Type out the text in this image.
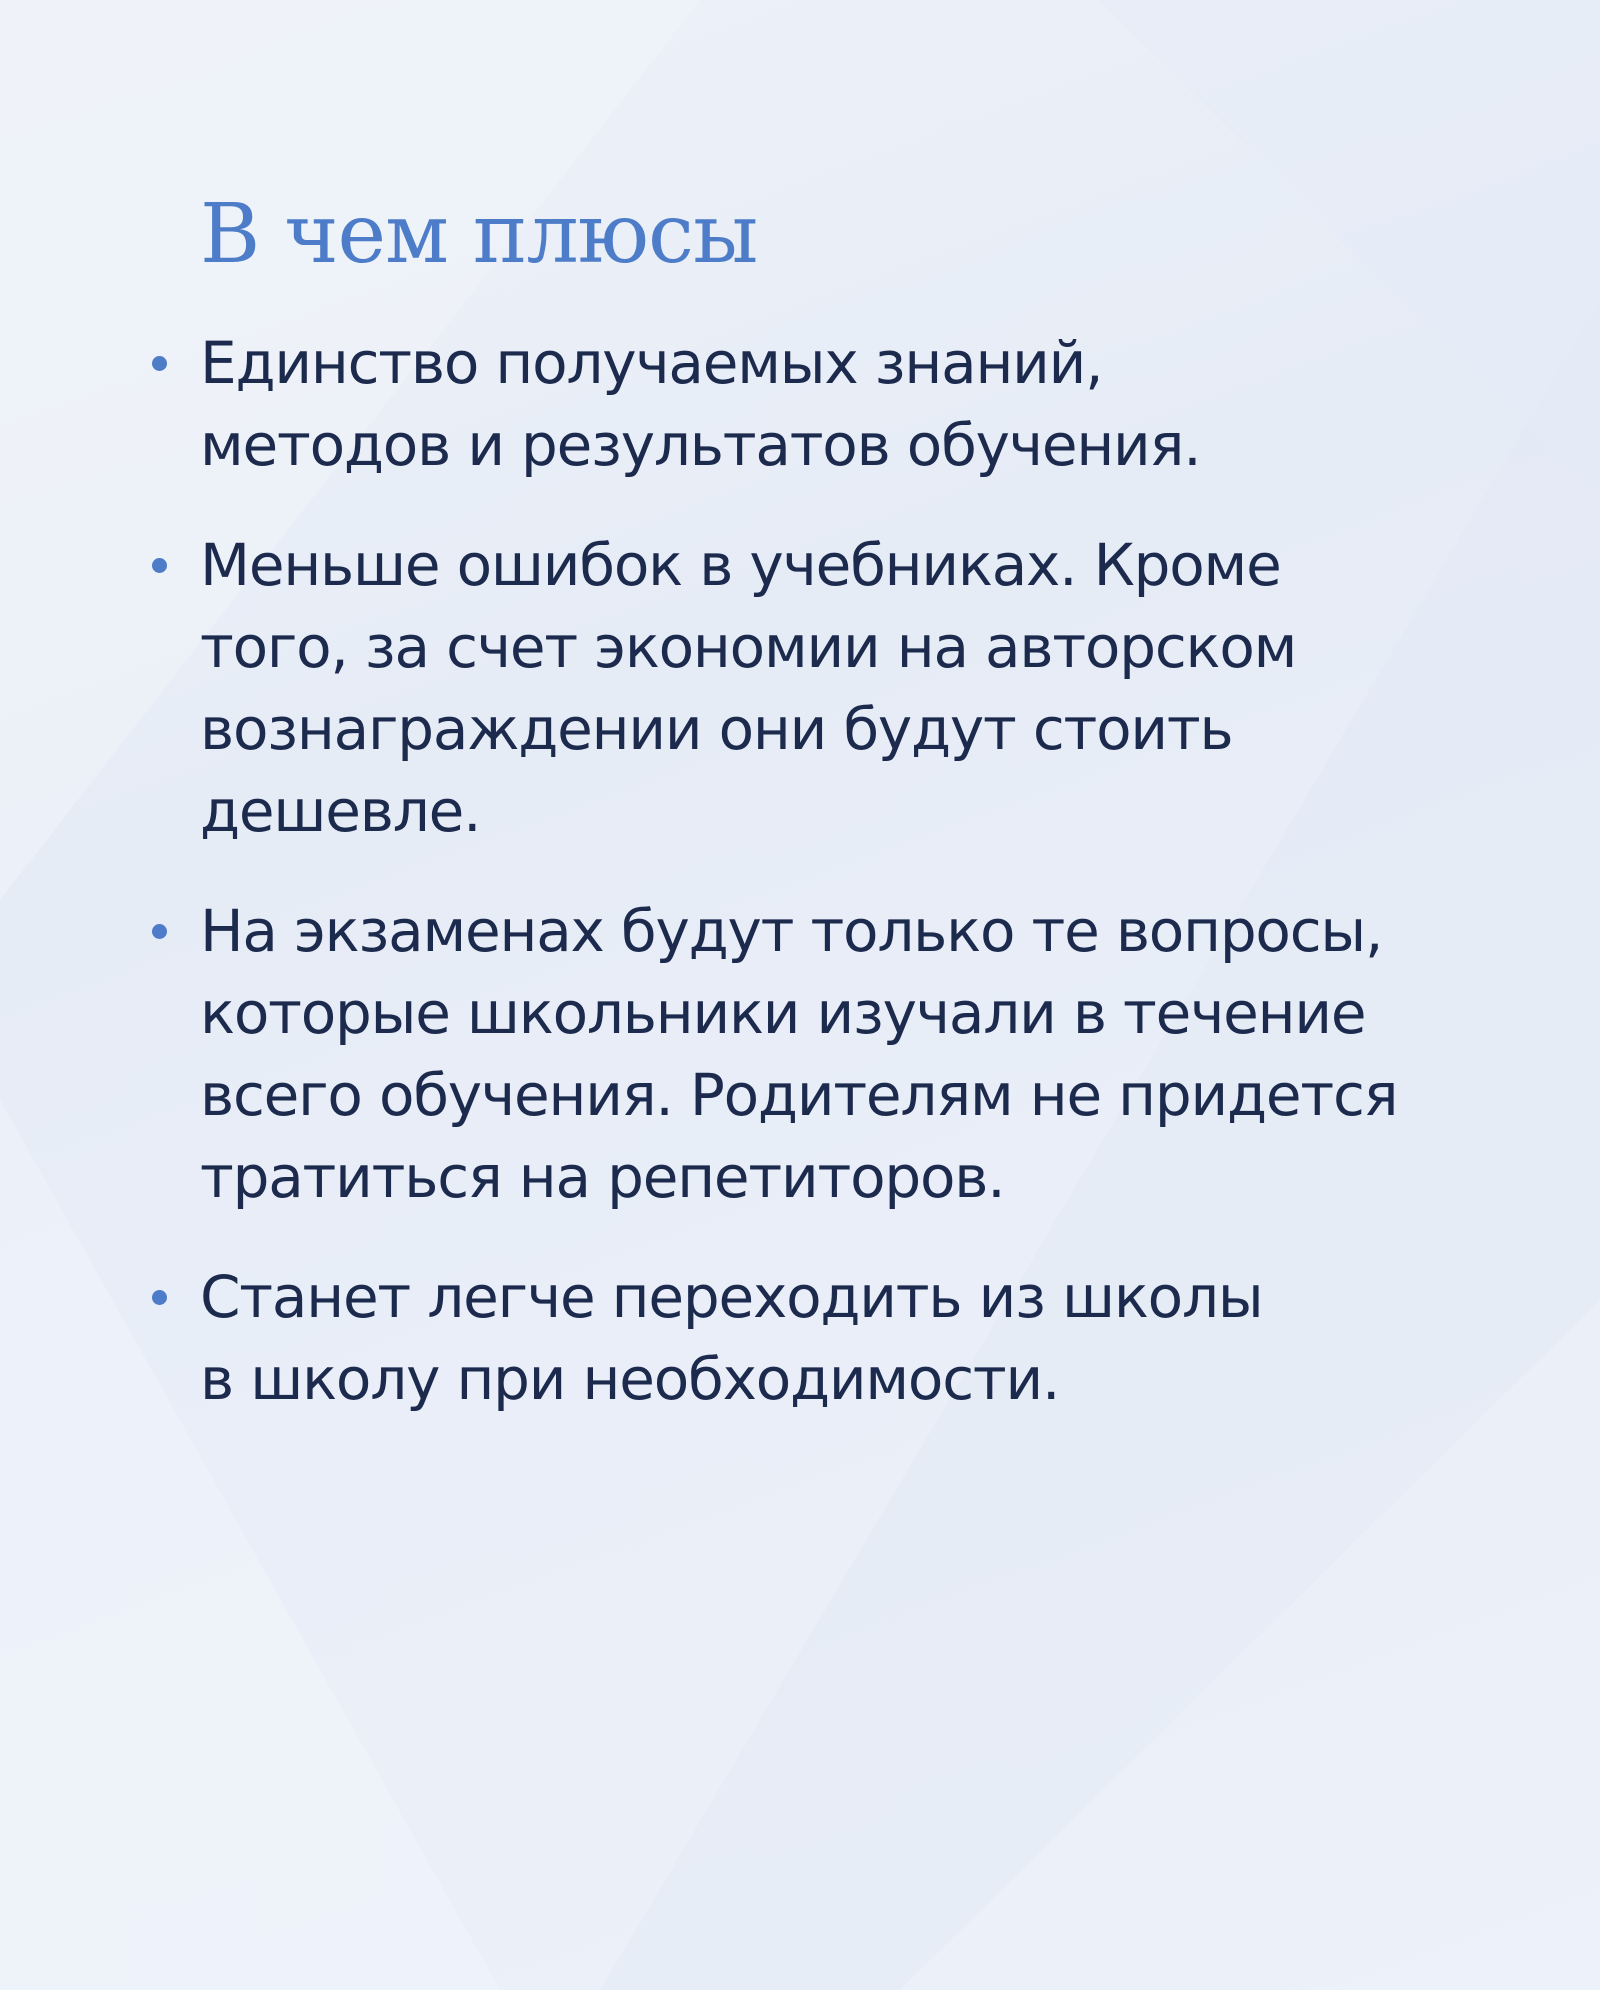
В чем плюсы
Единство получаемых знаний,
методов и результатов обучения.
Меньше ошибок в учебниках. Кроме
того, за счет экономии на авторском
вознаграждении они будут стоить
дешевле.
На экзаменах будут только те вопросы,
которые школьники изучали в течение
всего обучения. Родителям не придется
тратиться на репетиторов.
Станет легче переходить из школы
в школу при необходимости.
